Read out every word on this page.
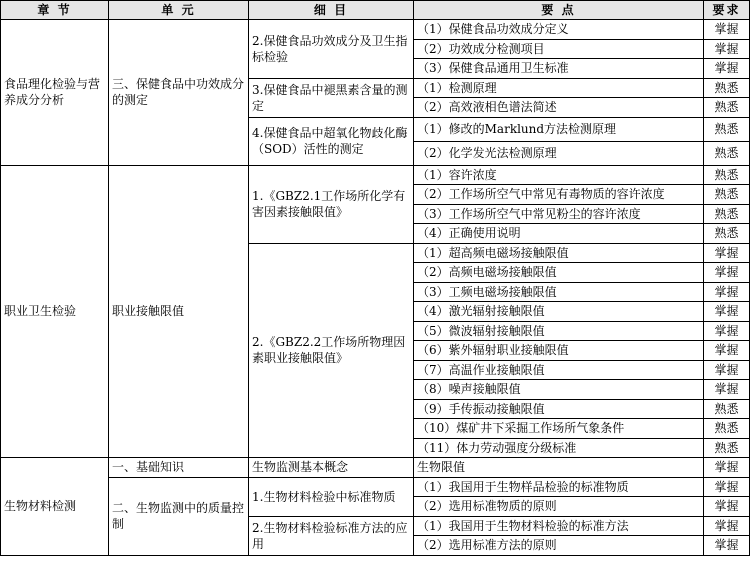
章 节	单 元	细 目	要 点	要求
食品理化检验与营养成分分析	三、保健食品中功效成分的测定	2.保健食品功效成分及卫生指标检验	（1）保健食品功效成分定义	掌握
			（2）功效成分检测项目	掌握
			（3）保健食品通用卫生标准	掌握
		3.保健食品中褪黑素含量的测定	（1）检测原理	熟悉
			（2）高效液相色谱法简述	熟悉
		4.保健食品中超氧化物歧化酶（SOD）活性的测定	（1）修改的Marklund方法检测原理	熟悉
			（2）化学发光法检测原理	熟悉
职业卫生检验	职业接触限值	1.《GBZ2.1工作场所化学有害因素接触限值》	（1）容许浓度	熟悉
			（2）工作场所空气中常见有毒物质的容许浓度	熟悉
			（3）工作场所空气中常见粉尘的容许浓度	熟悉
			（4）正确使用说明	熟悉
		2.《GBZ2.2工作场所物理因素职业接触限值》	（1）超高频电磁场接触限值	掌握
			（2）高频电磁场接触限值	掌握
			（3）工频电磁场接触限值	掌握
			（4）激光辐射接触限值	掌握
			（5）微波辐射接触限值	掌握
			（6）紫外辐射职业接触限值	掌握
			（7）高温作业接触限值	掌握
			（8）噪声接触限值	掌握
			（9）手传振动接触限值	熟悉
			（10）煤矿井下采掘工作场所气象条件	熟悉
			（11）体力劳动强度分级标准	熟悉
生物材料检测	一、基础知识	生物监测基本概念	生物限值	掌握
	二、生物监测中的质量控制	1.生物材料检验中标准物质	（1）我国用于生物样品检验的标准物质	掌握
			（2）选用标准物质的原则	掌握
		2.生物材料检验标准方法的应用	（1）我国用于生物材料检验的标准方法	掌握
			（2）选用标准方法的原则	掌握
